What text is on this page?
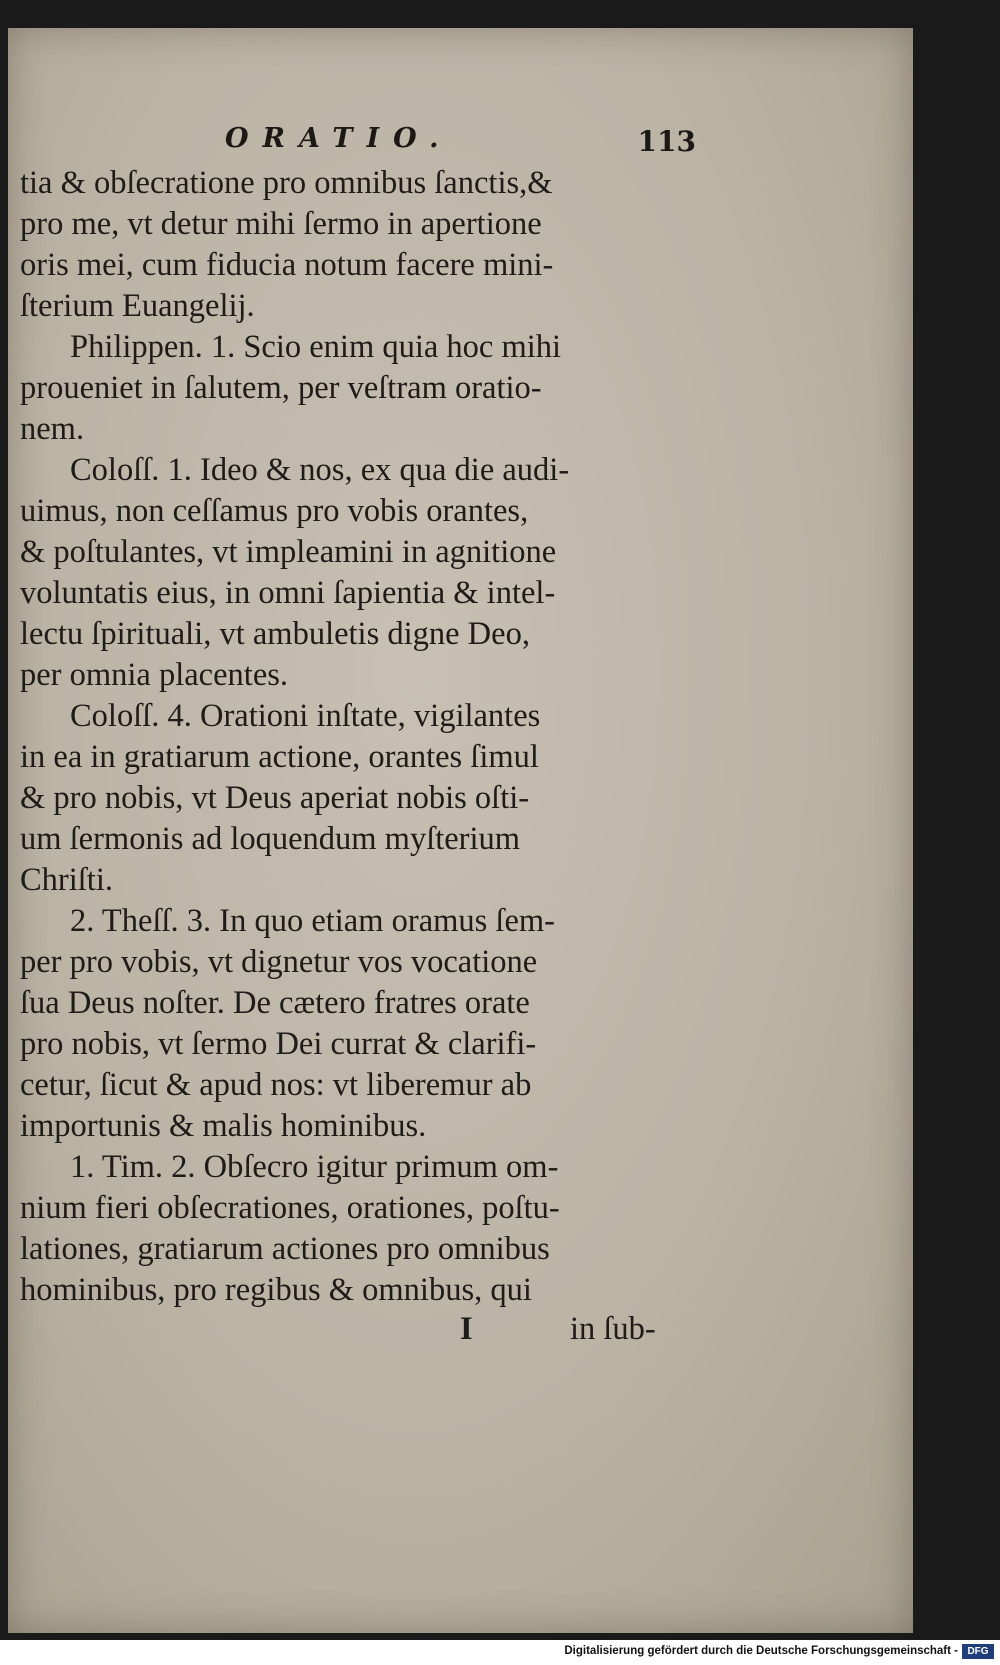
ORATIO.	113
tia & obſecratione pro omnibus ſanctis,&
pro me, vt detur mihi ſermo in apertione
oris mei, cum fiducia notum facere mini-
ſterium Euangelij.
Philippen. 1. Scio enim quia hoc mihi
proueniet in ſalutem, per veſtram oratio-
nem.
Coloſſ. 1. Ideo & nos, ex qua die audi-
uimus, non ceſſamus pro vobis orantes,
& poſtulantes, vt impleamini in agnitione
voluntatis eius, in omni ſapientia & intel-
lectu ſpirituali, vt ambuletis digne Deo,
per omnia placentes.
Coloſſ. 4. Orationi inſtate, vigilantes
in ea in gratiarum actione, orantes ſimul
& pro nobis, vt Deus aperiat nobis oſti-
um ſermonis ad loquendum myſterium
Chriſti.
2. Theſſ. 3. In quo etiam oramus ſem-
per pro vobis, vt dignetur vos vocatione
ſua Deus noſter. De cætero fratres orate
pro nobis, vt ſermo Dei currat & clarifi-
cetur, ſicut & apud nos: vt liberemur ab
importunis & malis hominibus.
1. Tim. 2. Obſecro igitur primum om-
nium fieri obſecrationes, orationes, poſtu-
lationes, gratiarum actiones pro omnibus
hominibus, pro regibus & omnibus, qui
I	in ſub-
Digitalisierung gefördert durch die Deutsche Forschungsgemeinschaft - DFG
